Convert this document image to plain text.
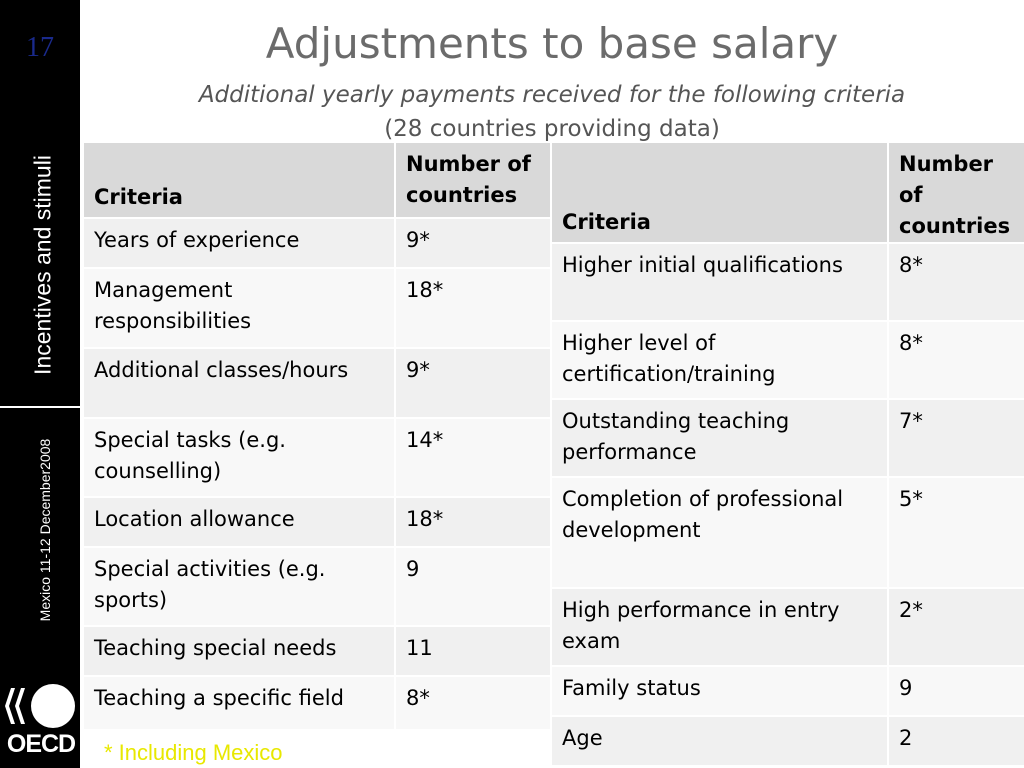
17
Incentives and stimuli
Mexico 11-12 December2008
OECD
Adjustments to base salary
Additional yearly payments received for the following criteria
(28 countries providing data)
Criteria	Number of countries
Years of experience	9*
Management responsibilities	18*
Additional classes/hours	9*
Special tasks (e.g. counselling)	14*
Location allowance	18*
Special activities (e.g. sports)	9
Teaching special needs	11
Teaching a specific field	8*
Criteria	Number of countries
Higher initial qualifications	8*
Higher level of certification/training	8*
Outstanding teaching performance	7*
Completion of professional development	5*
High performance in entry exam	2*
Family status	9
Age	2
* Including Mexico
